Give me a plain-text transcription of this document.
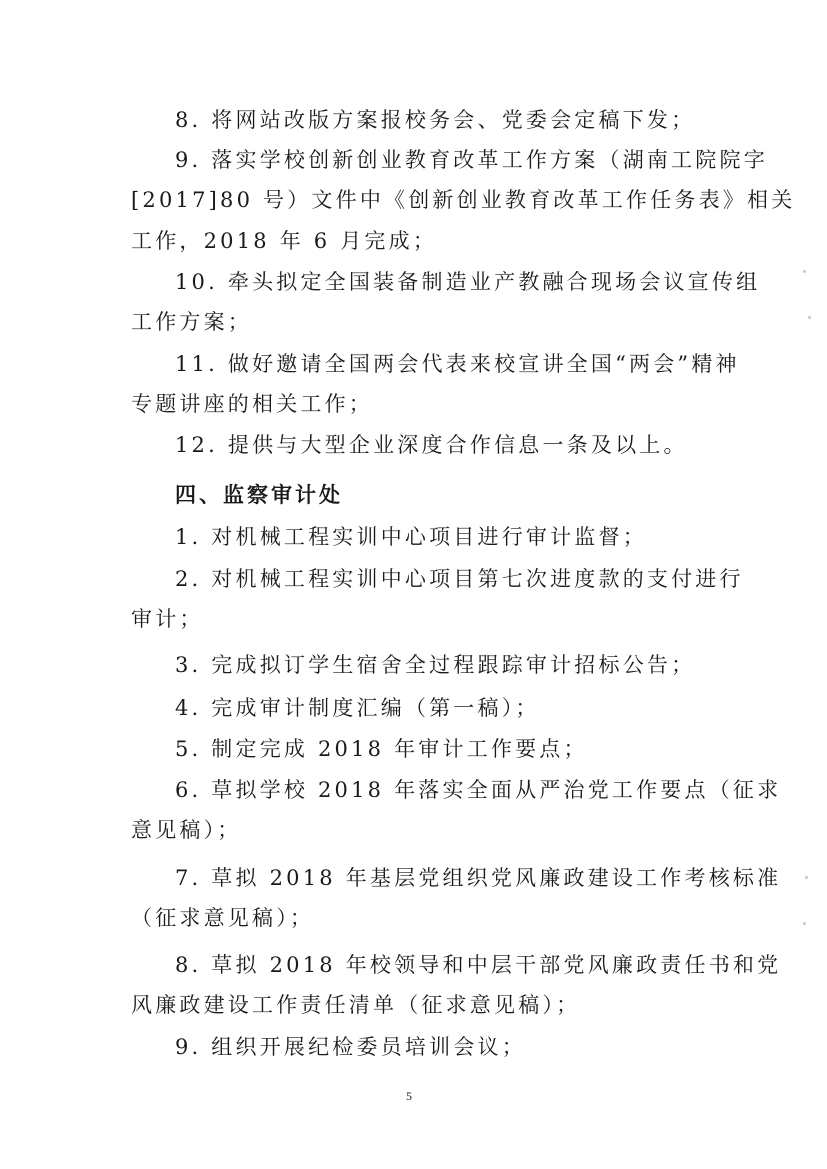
8. 将网站改版方案报校务会、党委会定稿下发；
9. 落实学校创新创业教育改革工作方案（湖南工院院字
[2017]80 号）文件中《创新创业教育改革工作任务表》相关
工作，2018 年 6 月完成；
10. 牵头拟定全国装备制造业产教融合现场会议宣传组
工作方案；
11. 做好邀请全国两会代表来校宣讲全国“两会”精神
专题讲座的相关工作；
12. 提供与大型企业深度合作信息一条及以上。
四、监察审计处
1. 对机械工程实训中心项目进行审计监督；
2. 对机械工程实训中心项目第七次进度款的支付进行
审计；
3. 完成拟订学生宿舍全过程跟踪审计招标公告；
4. 完成审计制度汇编（第一稿）；
5. 制定完成 2018 年审计工作要点；
6. 草拟学校 2018 年落实全面从严治党工作要点（征求
意见稿）；
7. 草拟 2018 年基层党组织党风廉政建设工作考核标准
（征求意见稿）；
8. 草拟 2018 年校领导和中层干部党风廉政责任书和党
风廉政建设工作责任清单（征求意见稿）；
9. 组织开展纪检委员培训会议；
5
